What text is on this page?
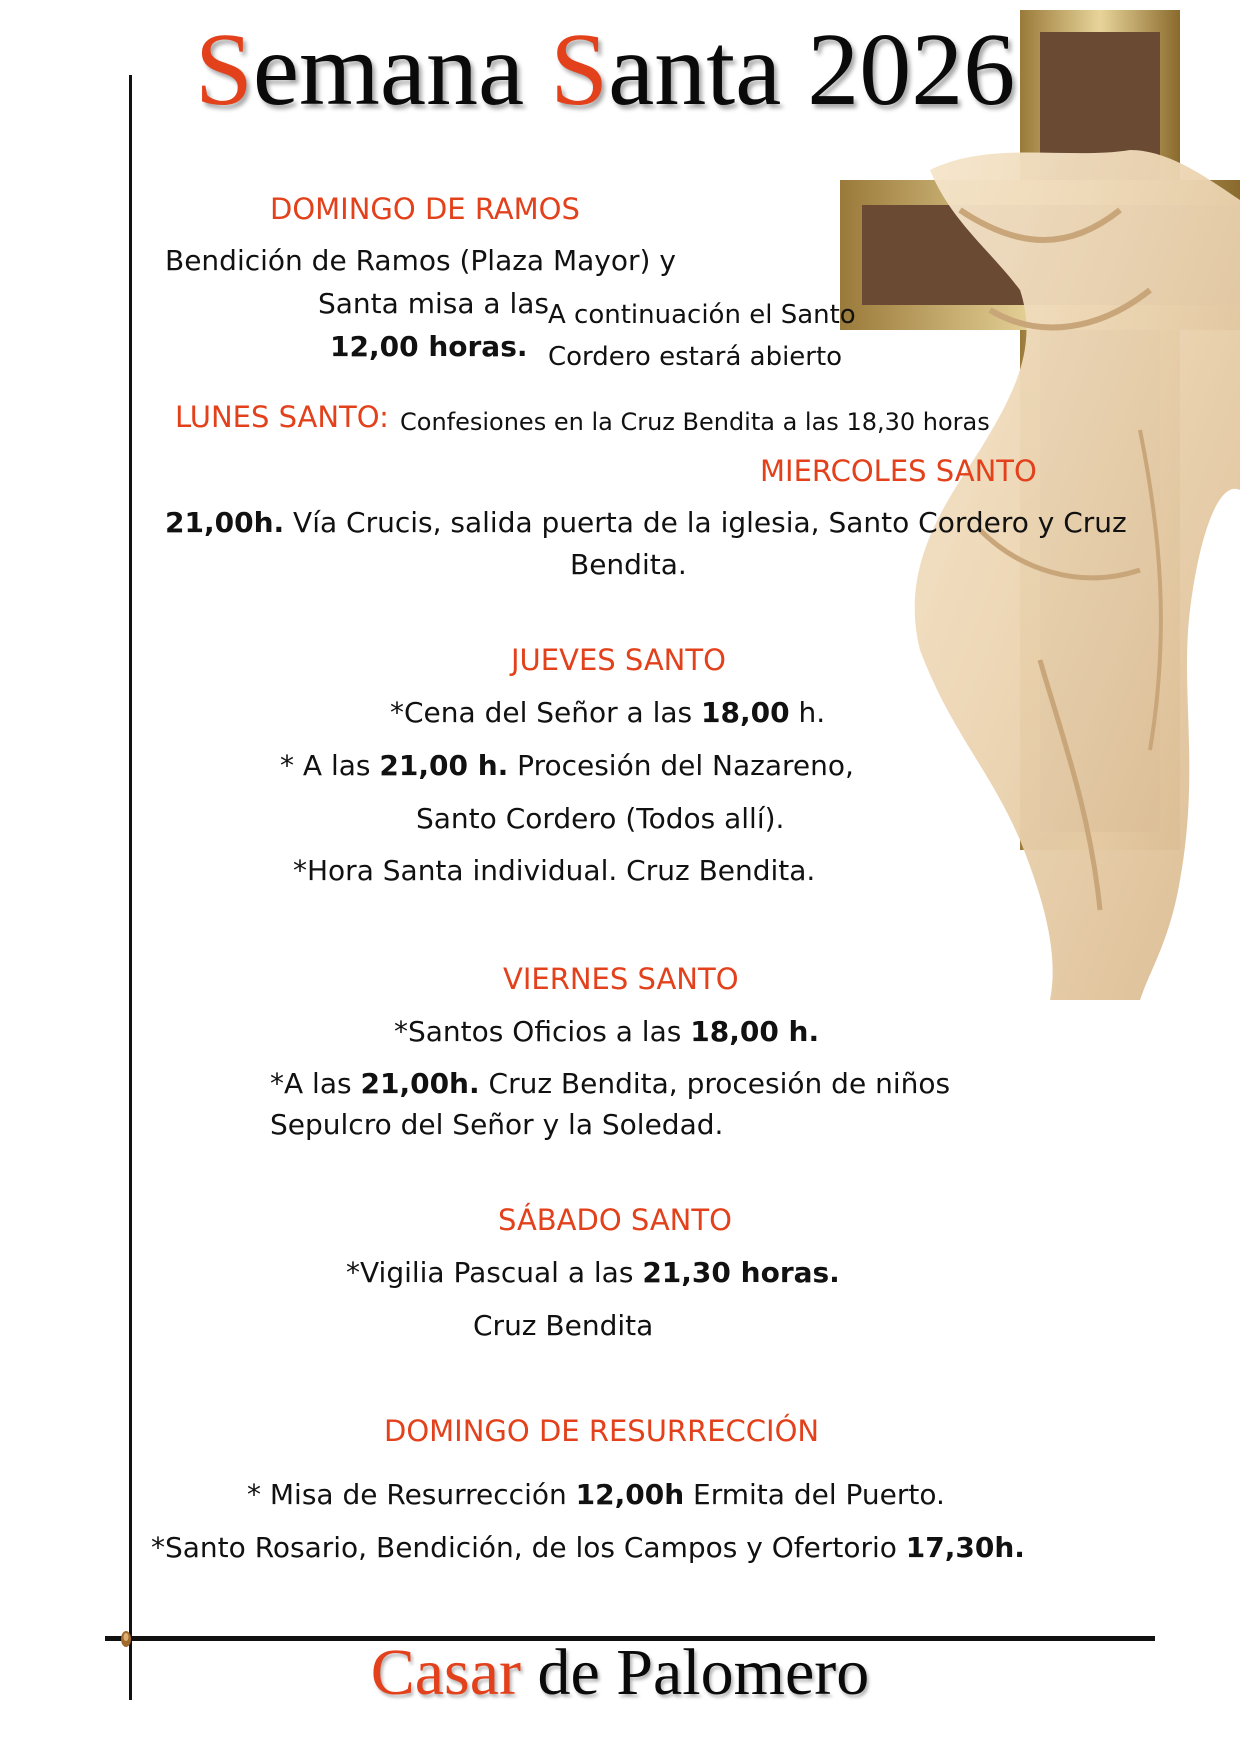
Semana Santa 2026
DOMINGO DE RAMOS
Bendición de Ramos (Plaza Mayor) y
Santa misa a las
12,00 horas.
A continuación el Santo
Cordero estará abierto
LUNES SANTO: Confesiones en la Cruz Bendita a las 18,30 horas
MIERCOLES SANTO
21,00h. Vía Crucis, salida puerta de la iglesia, Santo Cordero y Cruz
Bendita.
JUEVES SANTO
*Cena del Señor a las 18,00 h.
* A las 21,00 h. Procesión del Nazareno,
Santo Cordero (Todos allí).
*Hora Santa individual. Cruz Bendita.
VIERNES SANTO
*Santos Oficios a las 18,00 h.
*A las 21,00h. Cruz Bendita, procesión de niños
Sepulcro del Señor y la Soledad.
SÁBADO SANTO
*Vigilia Pascual a las 21,30 horas.
Cruz Bendita
DOMINGO DE RESURRECCIÓN
* Misa de Resurrección 12,00h Ermita del Puerto.
*Santo Rosario, Bendición, de los Campos y Ofertorio 17,30h.
Casar de Palomero
